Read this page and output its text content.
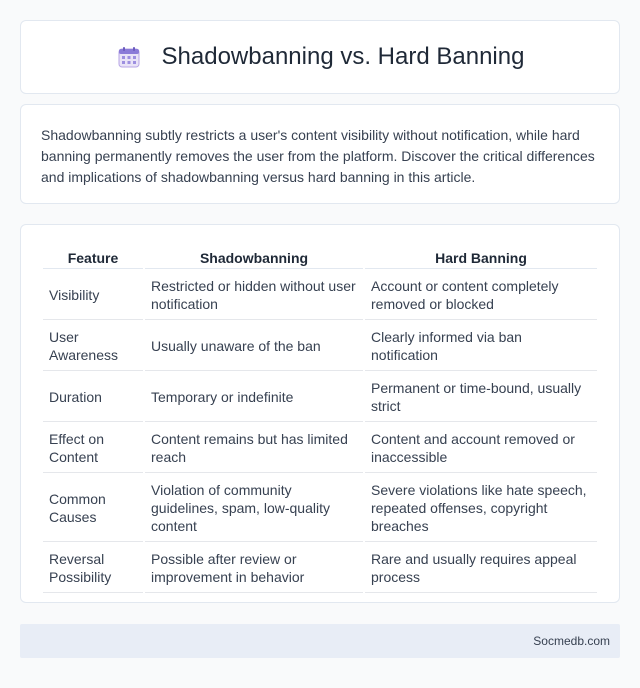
Shadowbanning vs. Hard Banning

Shadowbanning subtly restricts a user's content visibility without notification, while hard banning permanently removes the user from the platform. Discover the critical differences and implications of shadowbanning versus hard banning in this article.

Feature	Shadowbanning	Hard Banning
Visibility	Restricted or hidden without user notification	Account or content completely removed or blocked
User Awareness	Usually unaware of the ban	Clearly informed via ban notification
Duration	Temporary or indefinite	Permanent or time-bound, usually strict
Effect on Content	Content remains but has limited reach	Content and account removed or inaccessible
Common Causes	Violation of community guidelines, spam, low-quality content	Severe violations like hate speech, repeated offenses, copyright breaches
Reversal Possibility	Possible after review or improvement in behavior	Rare and usually requires appeal process
Socmedb.com
